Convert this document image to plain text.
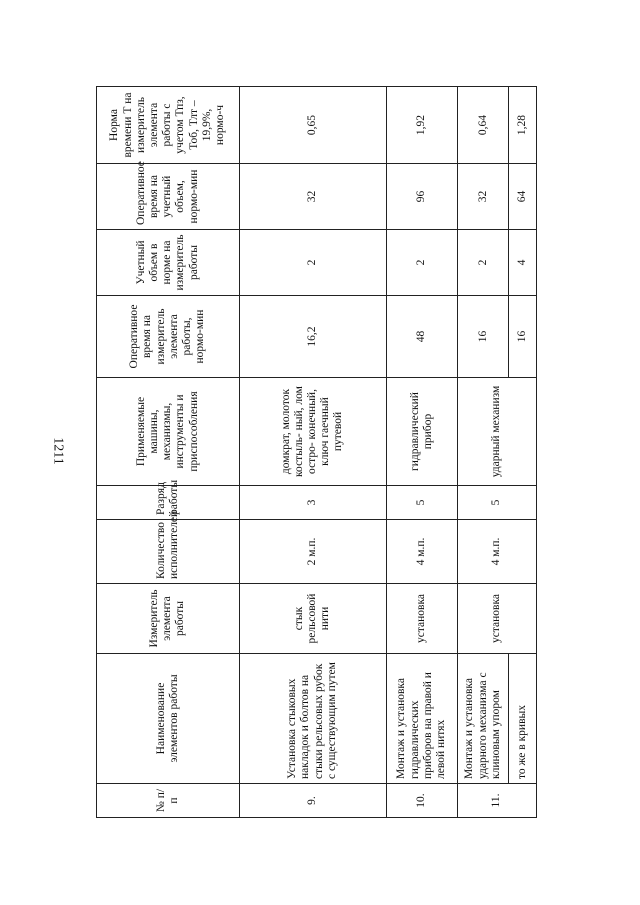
1211
№ п/п	Наименование элементов работы	Измеритель элемента работы	Количество исполнителей	Разряд работы	Применяемые машины, механизмы, инструменты и приспособления	Оперативное время на измеритель элемента работы, нормо-мин	Учетный объем в норме на измеритель работы	Оперативное время на учетный объем, нормо-мин	Норма времени Т на измеритель элемента работы с учетом Тпз, Тоб, Тлт – 19,9%, нормо-ч
9.	Установка стыковых накладок и болтов на стыки рельсовых рубок с существующим путем	стык рельсовой нити	2 м.п.	3	домкрат, молоток костыль- ный, лом остро- конечный, ключ гаечный путевой	16,2	2	32	0,65
10.	Монтаж и установка гидравлических приборов на правой и левой нитях	установка	4 м.п.	5	гидравлический прибор	48	2	96	1,92
11.	Монтаж и установка ударного механизма с клиновым упором	установка	4 м.п.	5	ударный механизм	16	2	32	0,64
	то же в кривых					16	4	64	1,28
